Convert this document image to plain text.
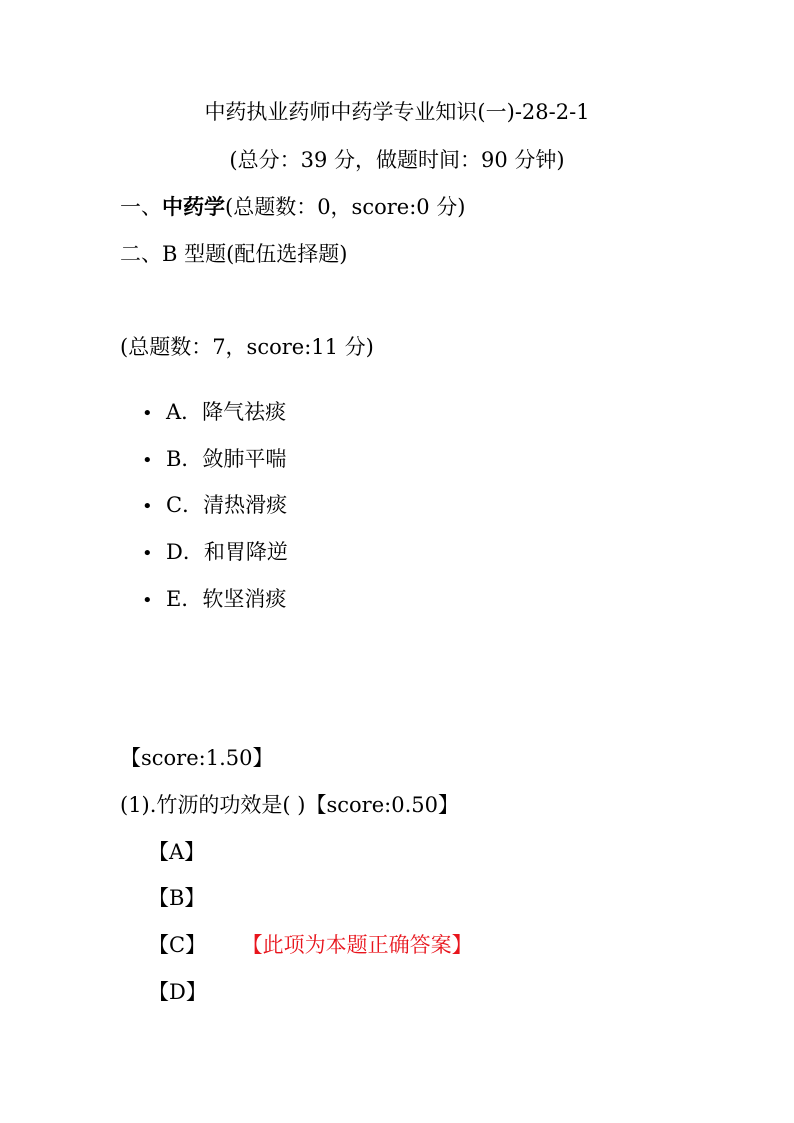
中药执业药师中药学专业知识(一)-28-2-1
(总分：39 分，做题时间：90 分钟)
一、中药学(总题数：0，score:0 分)
二、B 型题(配伍选择题)
(总题数：7，score:11 分)
• A．降气祛痰
• B．敛肺平喘
• C．清热滑痰
• D．和胃降逆
• E．软坚消痰
【score:1.50】
(1).竹沥的功效是( )【score:0.50】
【A】
【B】
【C】 【此项为本题正确答案】
【D】
